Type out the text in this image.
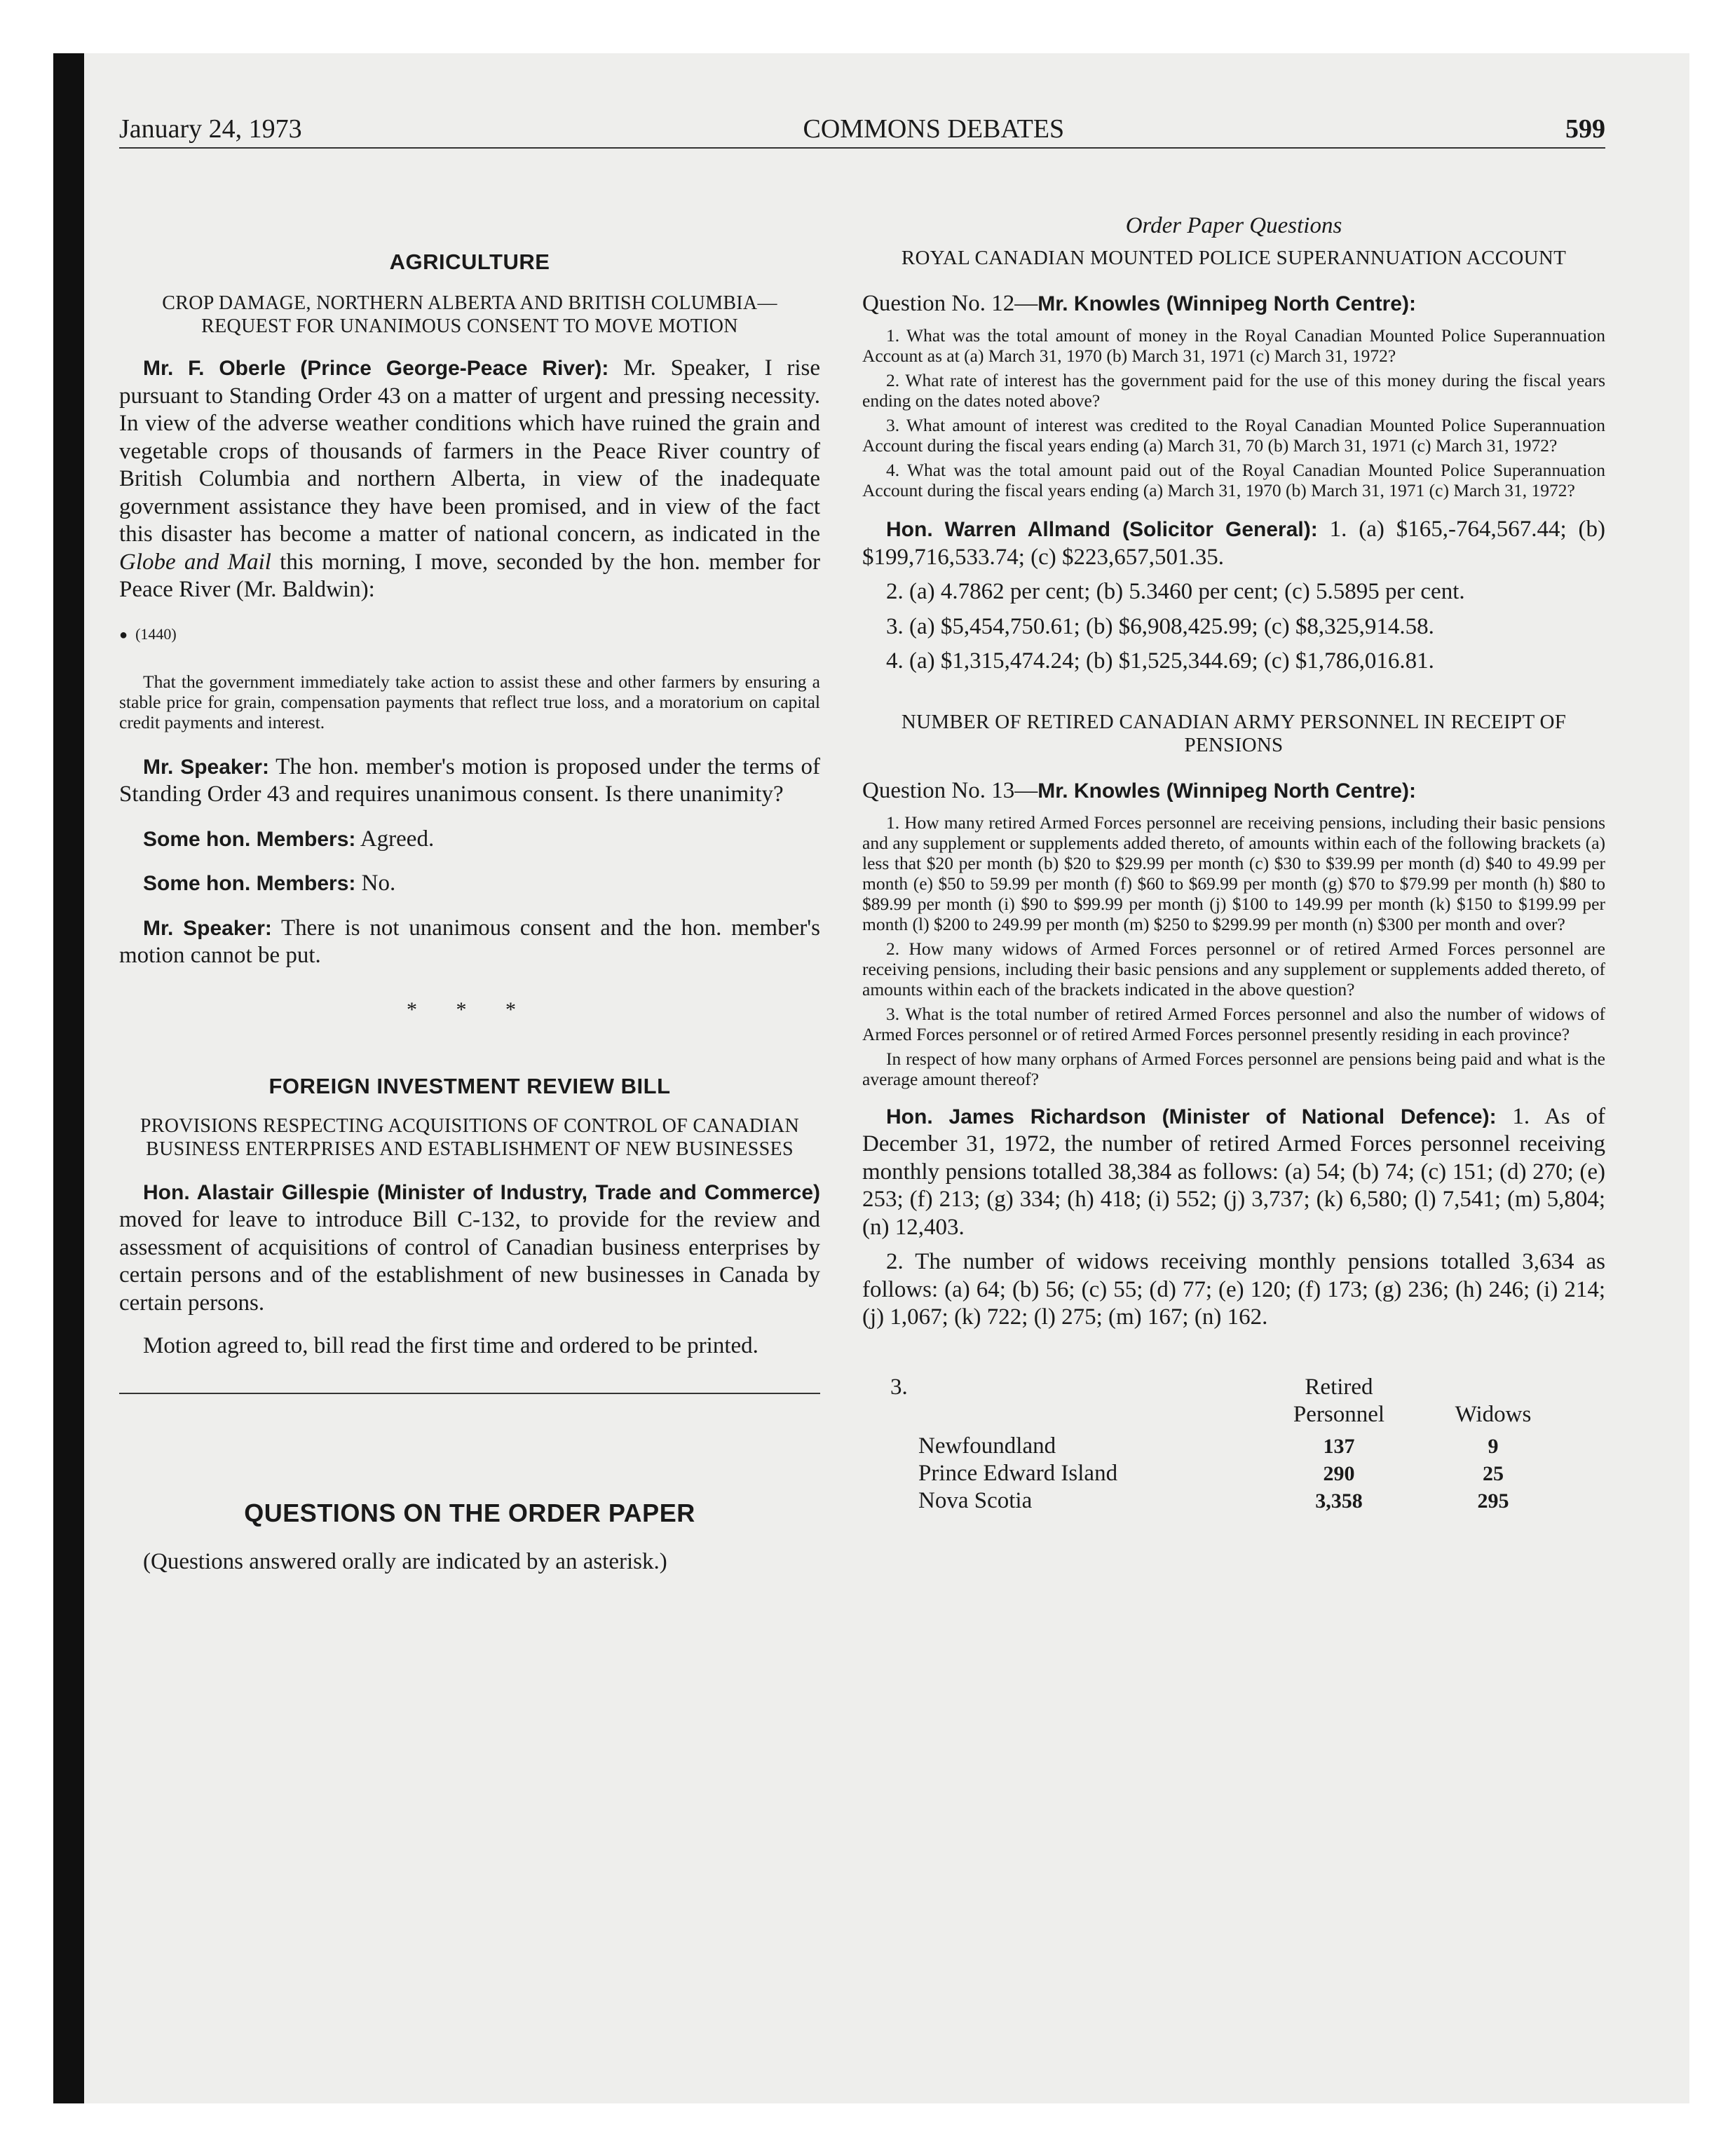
January 24, 1973	COMMONS DEBATES	599
AGRICULTURE
CROP DAMAGE, NORTHERN ALBERTA AND BRITISH COLUMBIA—REQUEST FOR UNANIMOUS CONSENT TO MOVE MOTION

Mr. F. Oberle (Prince George-Peace River): Mr. Speaker, I rise pursuant to Standing Order 43 on a matter of urgent and pressing necessity. In view of the adverse weather conditions which have ruined the grain and vegetable crops of thousands of farmers in the Peace River country of British Columbia and northern Alberta, in view of the inadequate government assistance they have been promised, and in view of the fact this disaster has become a matter of national concern, as indicated in the Globe and Mail this morning, I move, seconded by the hon. member for Peace River (Mr. Baldwin):

● (1440)

That the government immediately take action to assist these and other farmers by ensuring a stable price for grain, compensation payments that reflect true loss, and a moratorium on capital credit payments and interest.

Mr. Speaker: The hon. member's motion is proposed under the terms of Standing Order 43 and requires unanimous consent. Is there unanimity?

Some hon. Members: Agreed.

Some hon. Members: No.

Mr. Speaker: There is not unanimous consent and the hon. member's motion cannot be put.

* * *
FOREIGN INVESTMENT REVIEW BILL
PROVISIONS RESPECTING ACQUISITIONS OF CONTROL OF CANADIAN BUSINESS ENTERPRISES AND ESTABLISHMENT OF NEW BUSINESSES

Hon. Alastair Gillespie (Minister of Industry, Trade and Commerce) moved for leave to introduce Bill C-132, to provide for the review and assessment of acquisitions of control of Canadian business enterprises by certain persons and of the establishment of new businesses in Canada by certain persons.

Motion agreed to, bill read the first time and ordered to be printed.

QUESTIONS ON THE ORDER PAPER

(Questions answered orally are indicated by an asterisk.)

Order Paper Questions
ROYAL CANADIAN MOUNTED POLICE SUPERANNUATION ACCOUNT
Question No. 12—Mr. Knowles (Winnipeg North Centre):

1. What was the total amount of money in the Royal Canadian Mounted Police Superannuation Account as at (a) March 31, 1970 (b) March 31, 1971 (c) March 31, 1972?

2. What rate of interest has the government paid for the use of this money during the fiscal years ending on the dates noted above?

3. What amount of interest was credited to the Royal Canadian Mounted Police Superannuation Account during the fiscal years ending (a) March 31, 70 (b) March 31, 1971 (c) March 31, 1972?

4. What was the total amount paid out of the Royal Canadian Mounted Police Superannuation Account during the fiscal years ending (a) March 31, 1970 (b) March 31, 1971 (c) March 31, 1972?

Hon. Warren Allmand (Solicitor General): 1. (a) $165,-764,567.44; (b) $199,716,533.74; (c) $223,657,501.35.

2. (a) 4.7862 per cent; (b) 5.3460 per cent; (c) 5.5895 per cent.

3. (a) $5,454,750.61; (b) $6,908,425.99; (c) $8,325,914.58.

4. (a) $1,315,474.24; (b) $1,525,344.69; (c) $1,786,016.81.

NUMBER OF RETIRED CANADIAN ARMY PERSONNEL IN RECEIPT OF PENSIONS
Question No. 13—Mr. Knowles (Winnipeg North Centre):

1. How many retired Armed Forces personnel are receiving pensions, including their basic pensions and any supplement or supplements added thereto, of amounts within each of the following brackets (a) less that $20 per month (b) $20 to $29.99 per month (c) $30 to $39.99 per month (d) $40 to 49.99 per month (e) $50 to 59.99 per month (f) $60 to $69.99 per month (g) $70 to $79.99 per month (h) $80 to $89.99 per month (i) $90 to $99.99 per month (j) $100 to 149.99 per month (k) $150 to $199.99 per month (l) $200 to 249.99 per month (m) $250 to $299.99 per month (n) $300 per month and over?

2. How many widows of Armed Forces personnel or of retired Armed Forces personnel are receiving pensions, including their basic pensions and any supplement or supplements added thereto, of amounts within each of the brackets indicated in the above question?

3. What is the total number of retired Armed Forces personnel and also the number of widows of Armed Forces personnel or of retired Armed Forces personnel presently residing in each province?

In respect of how many orphans of Armed Forces personnel are pensions being paid and what is the average amount thereof?

Hon. James Richardson (Minister of National Defence): 1. As of December 31, 1972, the number of retired Armed Forces personnel receiving monthly pensions totalled 38,384 as follows: (a) 54; (b) 74; (c) 151; (d) 270; (e) 253; (f) 213; (g) 334; (h) 418; (i) 552; (j) 3,737; (k) 6,580; (l) 7,541; (m) 5,804; (n) 12,403.

2. The number of widows receiving monthly pensions totalled 3,634 as follows: (a) 64; (b) 56; (c) 55; (d) 77; (e) 120; (f) 173; (g) 236; (h) 246; (i) 214; (j) 1,067; (k) 722; (l) 275; (m) 167; (n) 162.

3.	Retired
Personnel	Widows
Newfoundland	137	9
Prince Edward Island	290	25
Nova Scotia	3,358	295
